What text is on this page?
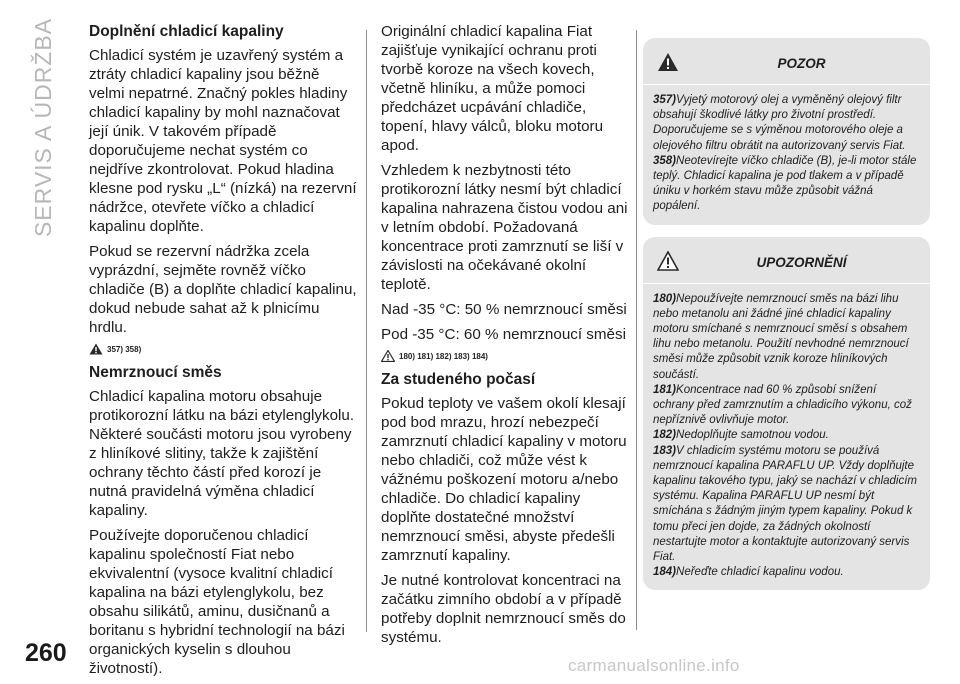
SERVIS A ÚDRŽBA Doplnění chladicí kapaliny

Chladicí systém je uzavřený systém a ztráty chladicí kapaliny jsou běžně velmi nepatrné. Značný pokles hladiny chladicí kapaliny by mohl naznačovat její únik. V takovém případě doporučujeme nechat systém co nejdříve zkontrolovat. Pokud hladina klesne pod rysku „L“ (nízká) na rezervní nádržce, otevřete víčko a chladicí kapalinu doplňte.

Pokud se rezervní nádržka zcela vyprázdní, sejměte rovněž víčko chladiče (B) a doplňte chladicí kapalinu, dokud nebude sahat až k plnicímu hrdlu.

357) 358)
Nemrznoucí směs

Chladicí kapalina motoru obsahuje protikorozní látku na bázi etylenglykolu. Některé součásti motoru jsou vyrobeny z hliníkové slitiny, takže k zajištění ochrany těchto částí před korozí je nutná pravidelná výměna chladicí kapaliny.

Používejte doporučenou chladicí kapalinu společností Fiat nebo ekvivalentní (vysoce kvalitní chladicí kapalina na bázi etylenglykolu, bez obsahu silikátů, aminu, dusičnanů a boritanu s hybridní technologií na bázi organických kyselin s dlouhou životností).

Originální chladicí kapalina Fiat zajišťuje vynikající ochranu proti tvorbě koroze na všech kovech, včetně hliníku, a může pomoci předcházet ucpávání chladiče, topení, hlavy válců, bloku motoru apod.

Vzhledem k nezbytnosti této protikorozní látky nesmí být chladicí kapalina nahrazena čistou vodou ani v letním období. Požadovaná koncentrace proti zamrznutí se liší v závislosti na očekávané okolní teplotě.

Nad -35 °C: 50 % nemrznoucí směsi

Pod -35 °C: 60 % nemrznoucí směsi

180) 181) 182) 183) 184)
Za studeného počasí

Pokud teploty ve vašem okolí klesají pod bod mrazu, hrozí nebezpečí zamrznutí chladicí kapaliny v motoru nebo chladiči, což může vést k vážnému poškození motoru a/nebo chladiče. Do chladicí kapaliny doplňte dostatečné množství nemrznoucí směsi, abyste předešli zamrznutí kapaliny.

Je nutné kontrolovat koncentraci na začátku zimního období a v případě potřeby doplnit nemrznoucí směs do systému.

POZOR

357)Vyjetý motorový olej a vyměněný olejový filtr obsahují škodlivé látky pro životní prostředí. Doporučujeme se s výměnou motorového oleje a olejového filtru obrátit na autorizovaný servis Fiat.

358)Neotevírejte víčko chladiče (B), je-li motor stále teplý. Chladicí kapalina je pod tlakem a v případě úniku v horkém stavu může způsobit vážná popálení.

UPOZORNĚNÍ

180)Nepoužívejte nemrznoucí směs na bázi lihu nebo metanolu ani žádné jiné chladicí kapaliny motoru smíchané s nemrznoucí směsí s obsahem lihu nebo metanolu. Použití nevhodné nemrznoucí směsi může způsobit vznik koroze hliníkových součástí.

181)Koncentrace nad 60 % způsobí snížení ochrany před zamrznutím a chladicího výkonu, což nepříznivě ovlivňuje motor.

182)Nedoplňujte samotnou vodou.

183)V chladicím systému motoru se používá nemrznoucí kapalina PARAFLU UP. Vždy doplňujte kapalinu takového typu, jaký se nachází v chladicím systému. Kapalina PARAFLU UP nesmí být smíchána s žádným jiným typem kapaliny. Pokud k tomu přeci jen dojde, za žádných okolností nestartujte motor a kontaktujte autorizovaný servis Fiat.

184)Neřeďte chladicí kapalinu vodou.

260	carmanualsonline.info
